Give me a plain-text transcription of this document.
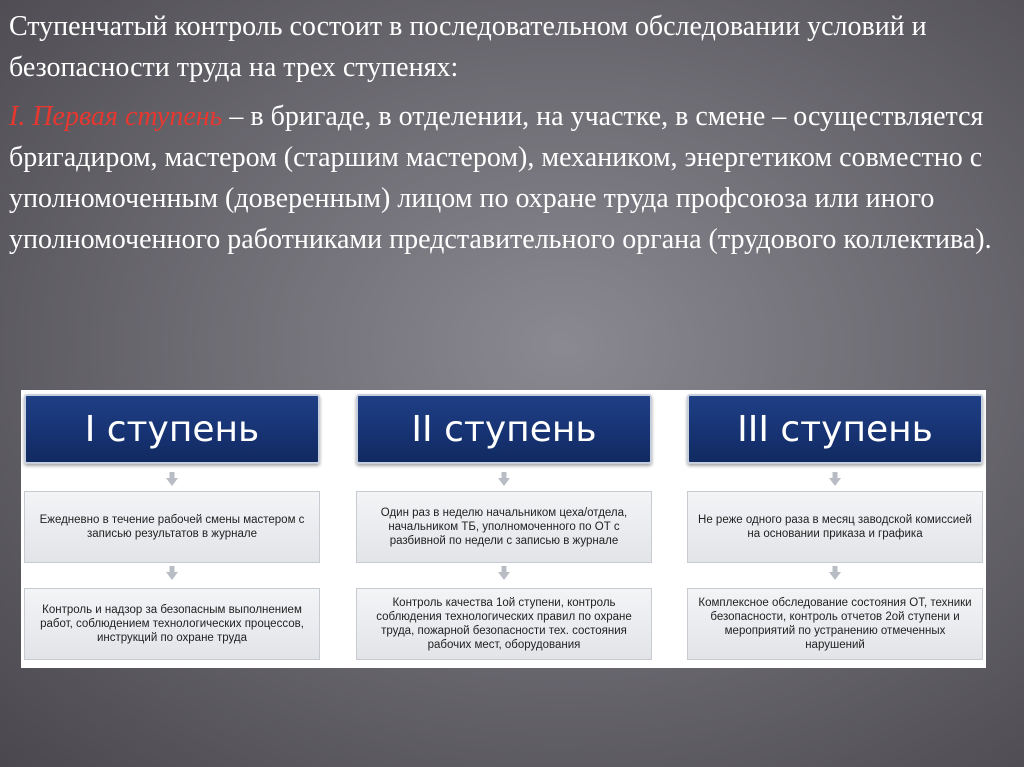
Ступенчатый контроль состоит в последовательном обследовании условий и безопасности труда на трех ступенях:

I. Первая ступень – в бригаде, в отделении, на участке, в смене – осуществляется бригадиром, мастером (старшим мастером), механиком, энергетиком совместно с уполномоченным (доверенным) лицом по охране труда профсоюза или иного уполномоченного работниками представительного органа (трудового коллектива).

I ступень
Ежедневно в течение рабочей смены мастером с записью результатов в журнале
Контроль и надзор за безопасным выполнением работ, соблюдением технологических процессов, инструкций по охране труда
II ступень
Один раз в неделю начальником цеха/отдела, начальником ТБ, уполномоченного по ОТ с разбивной по недели с записью в журнале
Контроль качества 1ой ступени, контроль соблюдения технологических правил по охране труда, пожарной безопасности тех. состояния рабочих мест, оборудования
III ступень
Не реже одного раза в месяц заводской комиссией на основании приказа и графика
Комплексное обследование состояния ОТ, техники безопасности, контроль отчетов 2ой ступени и мероприятий по устранению отмеченных нарушений
